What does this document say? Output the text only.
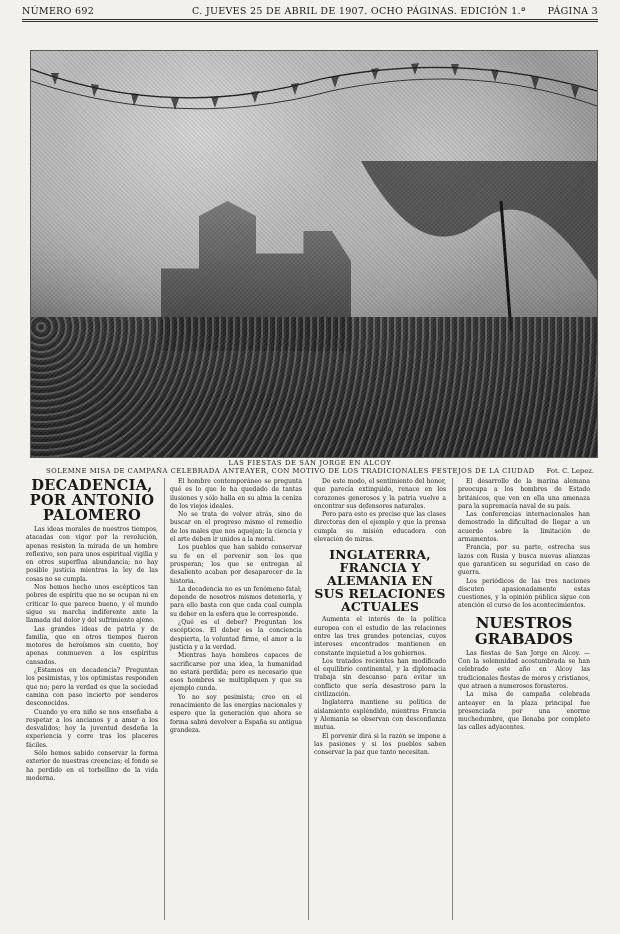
NÚMERO 692	C. JUEVES 25 DE ABRIL DE 1907. OCHO PÁGINAS. EDICIÓN 1.ª PÁGINA 3
LAS FIESTAS DE SAN JORGE EN ALCOY
SOLEMNE MISA DE CAMPAÑA CELEBRADA ANTEAYER, CON MOTIVO DE LOS TRADICIONALES FESTEJOS DE LA CIUDAD Fot. C. Lepez.

DECADENCIA, POR ANTONIO PALOMERO

Las ideas morales de nuestros tiempos, atacadas con vigor por la revolución, apenas resisten la mirada de un hombre reflexivo, son para unos espiritual vigilia y en otros superflua abundancia; no hay posible justicia mientras la ley de las cosas no se cumpla.

Nos hemos hecho unos escépticos tan pobres de espíritu que no se ocupan ni en criticar lo que parece bueno, y el mundo sigue su marcha indiferente ante la llamada del dolor y del sufrimiento ajeno.

Las grandes ideas de patria y de familia, que en otros tiempos fueron motores de heroísmos sin cuento, hoy apenas conmueven a los espíritus cansados.

¿Estamos en decadencia? Preguntan los pesimistas, y los optimistas responden que no; pero la verdad es que la sociedad camina con paso incierto por senderos desconocidos.

Cuando yo era niño se nos enseñaba a respetar a los ancianos y a amar a los desvalidos; hoy la juventud desdeña la experiencia y corre tras los placeres fáciles.

Sólo hemos sabido conservar la forma exterior de nuestras creencias; el fondo se ha perdido en el torbellino de la vida moderna.

El hombre contemporáneo se pregunta qué es lo que le ha quedado de tantas ilusiones y sólo halla en su alma la ceniza de los viejos ideales.

No se trata de volver atrás, sino de buscar en el progreso mismo el remedio de los males que nos aquejan; la ciencia y el arte deben ir unidos a la moral.

Los pueblos que han sabido conservar su fe en el porvenir son los que prosperan; los que se entregan al desaliento acaban por desaparecer de la historia.

La decadencia no es un fenómeno fatal; depende de nosotros mismos detenerla, y para ello basta con que cada cual cumpla su deber en la esfera que le corresponde.

¿Qué es el deber? Preguntan los escépticos. El deber es la conciencia despierta, la voluntad firme, el amor a la justicia y a la verdad.

Mientras haya hombres capaces de sacrificarse por una idea, la humanidad no estará perdida; pero es necesario que esos hombres se multipliquen y que su ejemplo cunda.

Yo no soy pesimista; creo en el renacimiento de las energías nacionales y espero que la generación que ahora se forma sabrá devolver a España su antigua grandeza.

De este modo, el sentimiento del honor, que parecía extinguido, renace en los corazones generosos y la patria vuelve a encontrar sus defensores naturales.

Pero para esto es preciso que las clases directoras den el ejemplo y que la prensa cumpla su misión educadora con elevación de miras.

INGLATERRA, FRANCIA Y ALEMANIA EN SUS RELACIONES ACTUALES

Aumenta el interés de la política europea con el estudio de las relaciones entre las tres grandes potencias, cuyos intereses encontrados mantienen en constante inquietud a los gobiernos.

Los tratados recientes han modificado el equilibrio continental, y la diplomacia trabaja sin descanso para evitar un conflicto que sería desastroso para la civilización.

Inglaterra mantiene su política de aislamiento espléndido, mientras Francia y Alemania se observan con desconfianza mutua.

El porvenir dirá si la razón se impone a las pasiones y si los pueblos saben conservar la paz que tanto necesitan.

El desarrollo de la marina alemana preocupa a los hombres de Estado británicos, que ven en ella una amenaza para la supremacía naval de su país.

Las conferencias internacionales han demostrado la dificultad de llegar a un acuerdo sobre la limitación de armamentos.

Francia, por su parte, estrecha sus lazos con Rusia y busca nuevas alianzas que garanticen su seguridad en caso de guerra.

Los periódicos de las tres naciones discuten apasionadamente estas cuestiones, y la opinión pública sigue con atención el curso de los acontecimientos.

NUESTROS GRABADOS

Las fiestas de San Jorge en Alcoy. — Con la solemnidad acostumbrada se han celebrado este año en Alcoy las tradicionales fiestas de moros y cristianos, que atraen a numerosos forasteros.

La misa de campaña celebrada anteayer en la plaza principal fue presenciada por una enorme muchedumbre, que llenaba por completo las calles adyacentes.
